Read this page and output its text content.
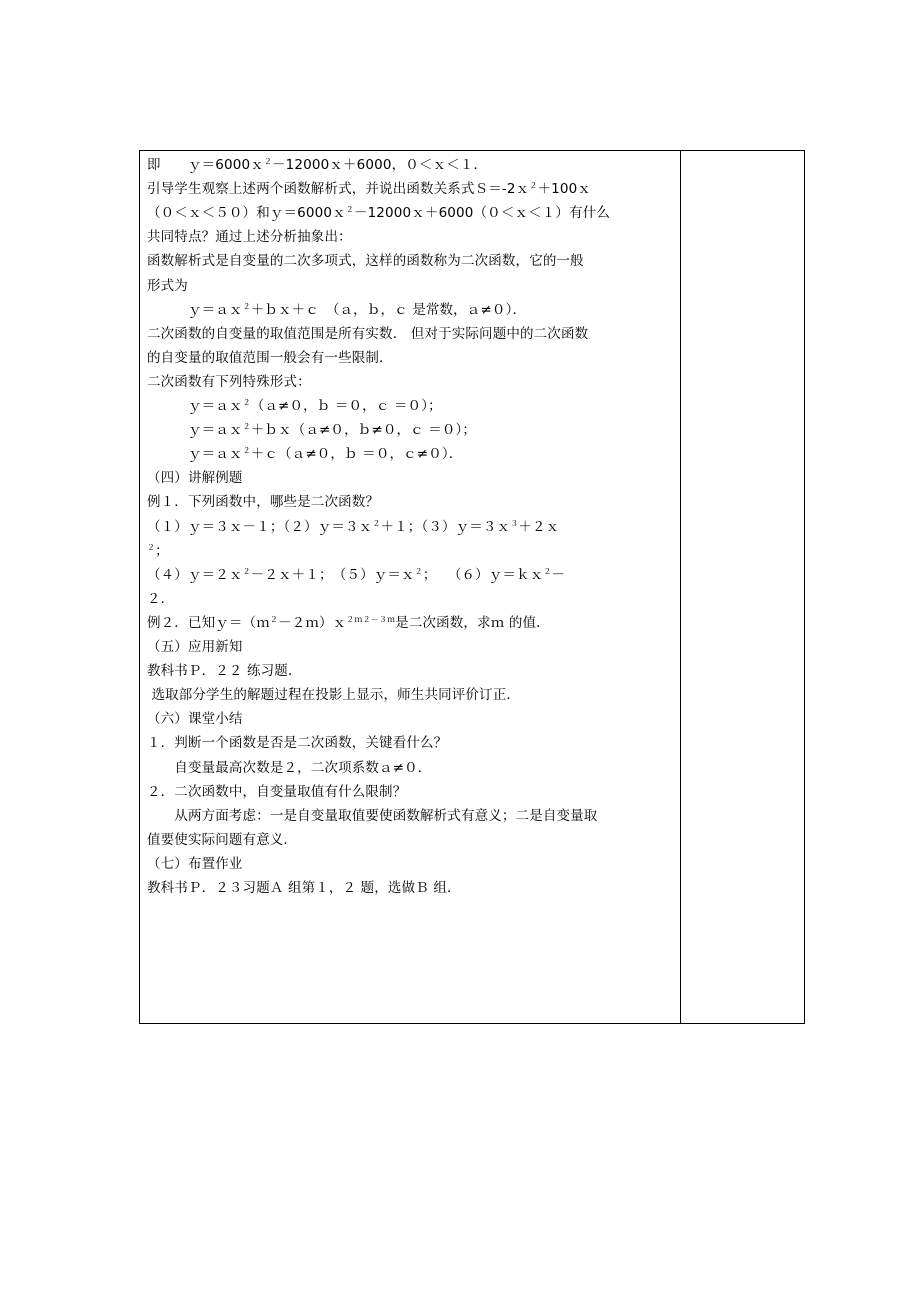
即　　ｙ＝6000ｘ$^2$－12000ｘ＋6000，０＜ｘ＜１．
引导学生观察上述两个函数解析式，并说出函数关系式Ｓ＝-2ｘ$^2$＋100ｘ
（０＜ｘ＜５０）和ｙ＝6000ｘ$^2$－12000ｘ＋6000（０＜ｘ＜１）有什么
共同特点？通过上述分析抽象出：
函数解析式是自变量的二次多项式，这样的函数称为二次函数，它的一般
形式为
　　　ｙ＝ａｘ$^2$＋ｂｘ＋ｃ　（ａ，ｂ，ｃ 是常数，ａ≠０）．
二次函数的自变量的取值范围是所有实数． 但对于实际问题中的二次函数
的自变量的取值范围一般会有一些限制．
二次函数有下列特殊形式：
　　　ｙ＝ａｘ$^2$（ａ≠０，ｂ ＝０，ｃ ＝０）；
　　　ｙ＝ａｘ$^2$＋ｂｘ（ａ≠０，ｂ≠０，ｃ ＝０）；
　　　ｙ＝ａｘ$^2$＋ｃ（ａ≠０，ｂ ＝０，ｃ≠０）．
（四）讲解例题
例１．下列函数中，哪些是二次函数？
（１）ｙ＝３ｘ－１；（２）ｙ＝３ｘ$^2$＋１；（３）ｙ＝３ｘ$^3$＋２ｘ
$^2$；
（４）ｙ＝２ｘ$^2$－２ｘ＋１；　（５）ｙ＝ｘ$^2$；　 （６）ｙ＝ｋｘ$^2$－
２．
例２．已知ｙ＝（ｍ$^2$－２ｍ）ｘ$^{2m2-3m}$是二次函数，求ｍ 的值．
（五）应用新知
教科书Ｐ．２２ 练习题．
选取部分学生的解题过程在投影上显示，师生共同评价订正．
（六）课堂小结
１．判断一个函数是否是二次函数，关键看什么？
　　自变量最高次数是２，二次项系数ａ≠０．
２．二次函数中，自变量取值有什么限制？
　　从两方面考虑：一是自变量取值要使函数解析式有意义；二是自变量取
值要使实际问题有意义．
（七）布置作业
教科书Ｐ．２３习题Ａ 组第１，２ 题，选做Ｂ 组．
